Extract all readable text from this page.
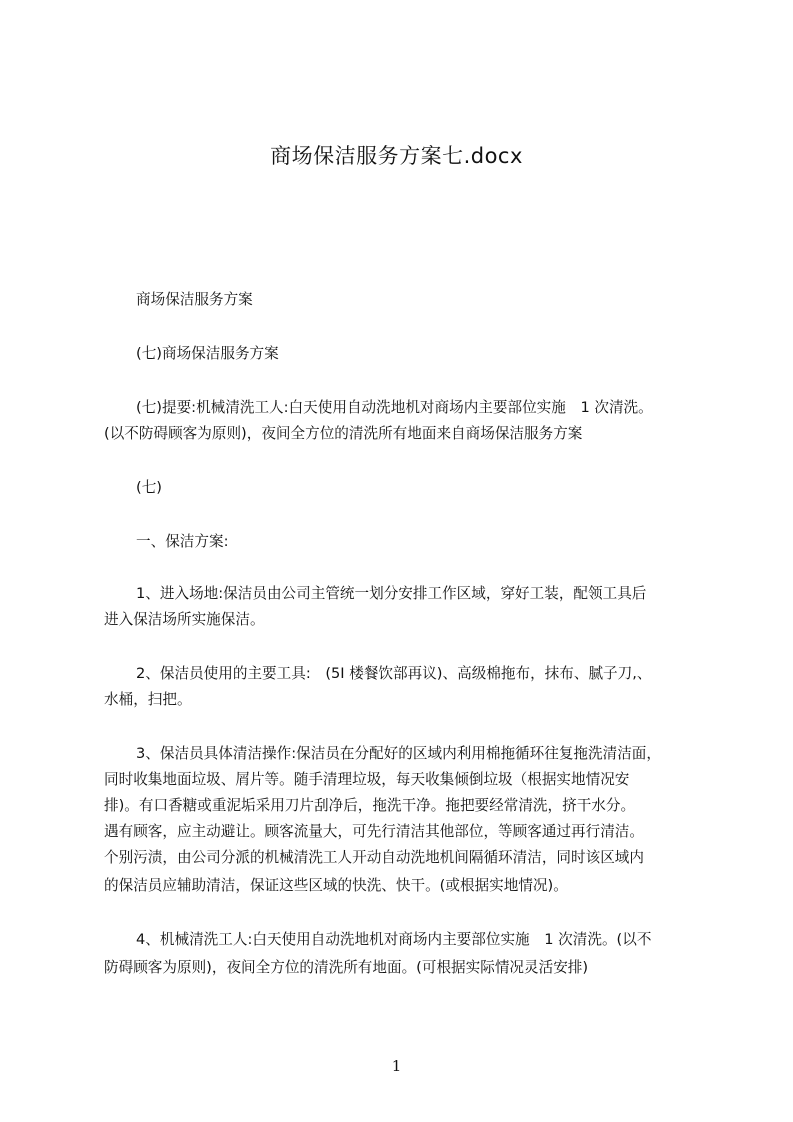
商场保洁服务方案七.docx
商场保洁服务方案
(七)商场保洁服务方案
(七)提要:机械清洗工人:白天使用自动洗地机对商场内主要部位实施　1 次清洗。
(以不防碍顾客为原则)，夜间全方位的清洗所有地面来自商场保洁服务方案
(七)
一、保洁方案:
1、进入场地:保洁员由公司主管统一划分安排工作区域，穿好工装，配领工具后
进入保洁场所实施保洁。
2、保洁员使用的主要工具:　(5I 楼餐饮部再议)、高级棉拖布，抹布、腻子刀,、
水桶，扫把。
3、保洁员具体清洁操作:保洁员在分配好的区域内利用棉拖循环往复拖洗清洁面，
同时收集地面垃圾、屑片等。随手清理垃圾，每天收集倾倒垃圾（根据实地情况安
排)。有口香糖或重泥垢采用刀片刮净后，拖洗干净。拖把要经常清洗，挤干水分。
遇有顾客，应主动避让。顾客流量大，可先行清洁其他部位，等顾客通过再行清洁。
个别污渍，由公司分派的机械清洗工人开动自动洗地机间隔循环清洁，同时该区域内
的保洁员应辅助清洁，保证这些区域的快洗、快干。(或根据实地情况)。
4、机械清洗工人:白天使用自动洗地机对商场内主要部位实施　1 次清洗。(以不
防碍顾客为原则)，夜间全方位的清洗所有地面。(可根据实际情况灵活安排)
1
